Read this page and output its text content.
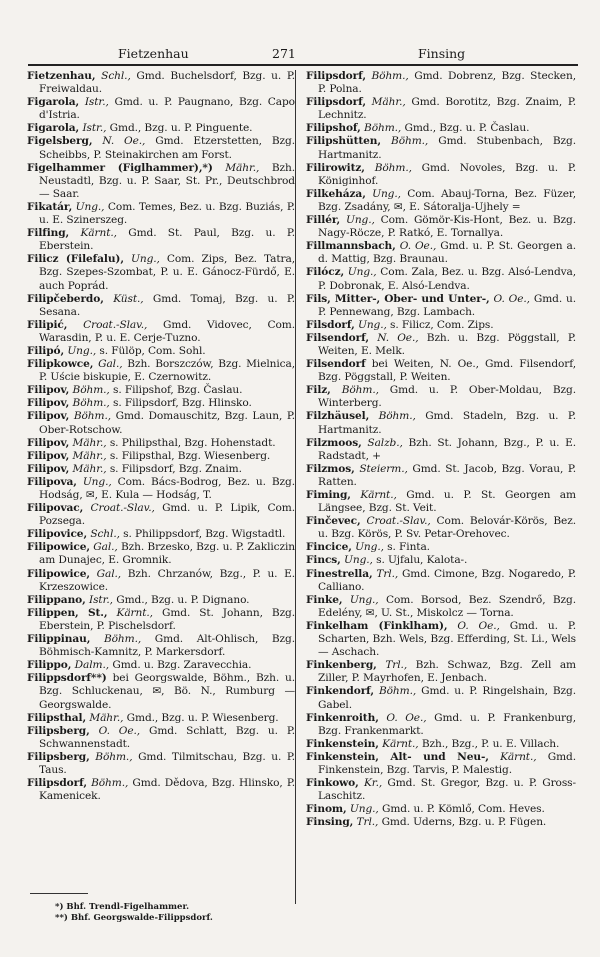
Fietzenhau	271	Finsing

Fietzenhau, Schl., Gmd. Buchelsdorf, Bzg. u. P. Freiwaldau.

Figarola, Istr., Gmd. u. P. Paugnano, Bzg. Capo d'Istria.

Figarola, Istr., Gmd., Bzg. u. P. Pinguente.

Figelsberg, N. Oe., Gmd. Etzerstetten, Bzg. Scheibbs, P. Steinakirchen am Forst.

Figelhammer (Figlhammer),*) Mähr., Bzh. Neustadtl, Bzg. u. P. Saar, St. Pr., Deutschbrod — Saar.

Fikatár, Ung., Com. Temes, Bez. u. Bzg. Buziás, P. u. E. Szinerszeg.

Filfing, Kärnt., Gmd. St. Paul, Bzg. u. P. Eberstein.

Filicz (Filefalu), Ung., Com. Zips, Bez. Tatra, Bzg. Szepes-Szombat, P. u. E. Gánocz-Fürdő, E. auch Poprád.

Filipčeberdo, Küst., Gmd. Tomaj, Bzg. u. P. Sesana.

Filipić, Croat.-Slav., Gmd. Vidovec, Com. Warasdin, P. u. E. Cerje-Tuzno.

Filipó, Ung., s. Fülöp, Com. Sohl.

Filipkowce, Gal., Bzh. Borszczów, Bzg. Mielnica, P. Uście biskupie, E. Czernowitz.

Filipov, Böhm., s. Filipshof, Bzg. Časlau.

Filipov, Böhm., s. Filipsdorf, Bzg. Hlinsko.

Filipov, Böhm., Gmd. Domauschitz, Bzg. Laun, P. Ober-Rotschow.

Filipov, Mähr., s. Philipsthal, Bzg. Hohenstadt.

Filipov, Mähr., s. Filipsthal, Bzg. Wiesenberg.

Filipov, Mähr., s. Filipsdorf, Bzg. Znaim.

Filipova, Ung., Com. Bács-Bodrog, Bez. u. Bzg. Hodság, ✉, E. Kula — Hodság, T.

Filipovac, Croat.-Slav., Gmd. u. P. Lipik, Com. Pozsega.

Filipovice, Schl., s. Philippsdorf, Bzg. Wigstadtl.

Filipowice, Gal., Bzh. Brzesko, Bzg. u. P. Zakliczin am Dunajec, E. Gromnik.

Filipowice, Gal., Bzh. Chrzanów, Bzg., P. u. E. Krzeszowice.

Filippano, Istr., Gmd., Bzg. u. P. Dignano.

Filippen, St., Kärnt., Gmd. St. Johann, Bzg. Eberstein, P. Pischelsdorf.

Filippinau, Böhm., Gmd. Alt-Ohlisch, Bzg. Böhmisch-Kamnitz, P. Markersdorf.

Filippo, Dalm., Gmd. u. Bzg. Zaravecchia.

Filippsdorf**) bei Georgswalde, Böhm., Bzh. u. Bzg. Schluckenau, ✉, Bö. N., Rumburg — Georgswalde.

Filipsthal, Mähr., Gmd., Bzg. u. P. Wiesenberg.

Filipsberg, O. Oe., Gmd. Schlatt, Bzg. u. P. Schwannenstadt.

Filipsberg, Böhm., Gmd. Tilmitschau, Bzg. u. P. Taus.

Filipsdorf, Böhm., Gmd. Dědova, Bzg. Hlinsko, P. Kamenicek.

Filipsdorf, Böhm., Gmd. Dobrenz, Bzg. Stecken, P. Polna.

Filipsdorf, Mähr., Gmd. Borotitz, Bzg. Znaim, P. Lechnitz.

Filipshof, Böhm., Gmd., Bzg. u. P. Časlau.

Filipshütten, Böhm., Gmd. Stubenbach, Bzg. Hartmanitz.

Filirowitz, Böhm., Gmd. Novoles, Bzg. u. P. Königinhof.

Filkeháza, Ung., Com. Abauj-Torna, Bez. Füzer, Bzg. Zsadány, ✉, E. Sátoralja-Ujhely =

Fillér, Ung., Com. Gömör-Kis-Hont, Bez. u. Bzg. Nagy-Röcze, P. Ratkó, E. Tornallya.

Fillmannsbach, O. Oe., Gmd. u. P. St. Georgen a. d. Mattig, Bzg. Braunau.

Filócz, Ung., Com. Zala, Bez. u. Bzg. Alsó-Lendva, P. Dobronak, E. Alsó-Lendva.

Fils, Mitter-, Ober- und Unter-, O. Oe., Gmd. u. P. Pennewang, Bzg. Lambach.

Filsdorf, Ung., s. Filicz, Com. Zips.

Filsendorf, N. Oe., Bzh. u. Bzg. Pöggstall, P. Weiten, E. Melk.

Filsendorf bei Weiten, N. Oe., Gmd. Filsendorf, Bzg. Pöggstall, P. Weiten.

Filz, Böhm., Gmd. u. P. Ober-Moldau, Bzg. Winterberg.

Filzhäusel, Böhm., Gmd. Stadeln, Bzg. u. P. Hartmanitz.

Filzmoos, Salzb., Bzh. St. Johann, Bzg., P. u. E. Radstadt, +

Filzmos, Steierm., Gmd. St. Jacob, Bzg. Vorau, P. Ratten.

Fiming, Kärnt., Gmd. u. P. St. Georgen am Längsee, Bzg. St. Veit.

Finčevec, Croat.-Slav., Com. Belovár-Körös, Bez. u. Bzg. Körös, P. Sv. Petar-Orehovec.

Fincice, Ung., s. Finta.

Fincs, Ung., s. Ujfalu, Kalota-.

Finestrella, Trl., Gmd. Cimone, Bzg. Nogaredo, P. Calliano.

Finke, Ung., Com. Borsod, Bez. Szendrő, Bzg. Edelény, ✉, U. St., Miskolcz — Torna.

Finkelham (Finklham), O. Oe., Gmd. u. P. Scharten, Bzh. Wels, Bzg. Efferding, St. Li., Wels — Aschach.

Finkenberg, Trl., Bzh. Schwaz, Bzg. Zell am Ziller, P. Mayrhofen, E. Jenbach.

Finkendorf, Böhm., Gmd. u. P. Ringelshain, Bzg. Gabel.

Finkenroith, O. Oe., Gmd. u. P. Frankenburg, Bzg. Frankenmarkt.

Finkenstein, Kärnt., Bzh., Bzg., P. u. E. Villach.

Finkenstein, Alt- und Neu-, Kärnt., Gmd. Finkenstein, Bzg. Tarvis, P. Malestig.

Finkowo, Kr., Gmd. St. Gregor, Bzg. u. P. Gross-Laschitz.

Finom, Ung., Gmd. u. P. Kömlő, Com. Heves.

Finsing, Trl., Gmd. Uderns, Bzg. u. P. Fügen.

*) Bhf. Trendl-Figelhammer.
**) Bhf. Georgswalde-Filippsdorf.
